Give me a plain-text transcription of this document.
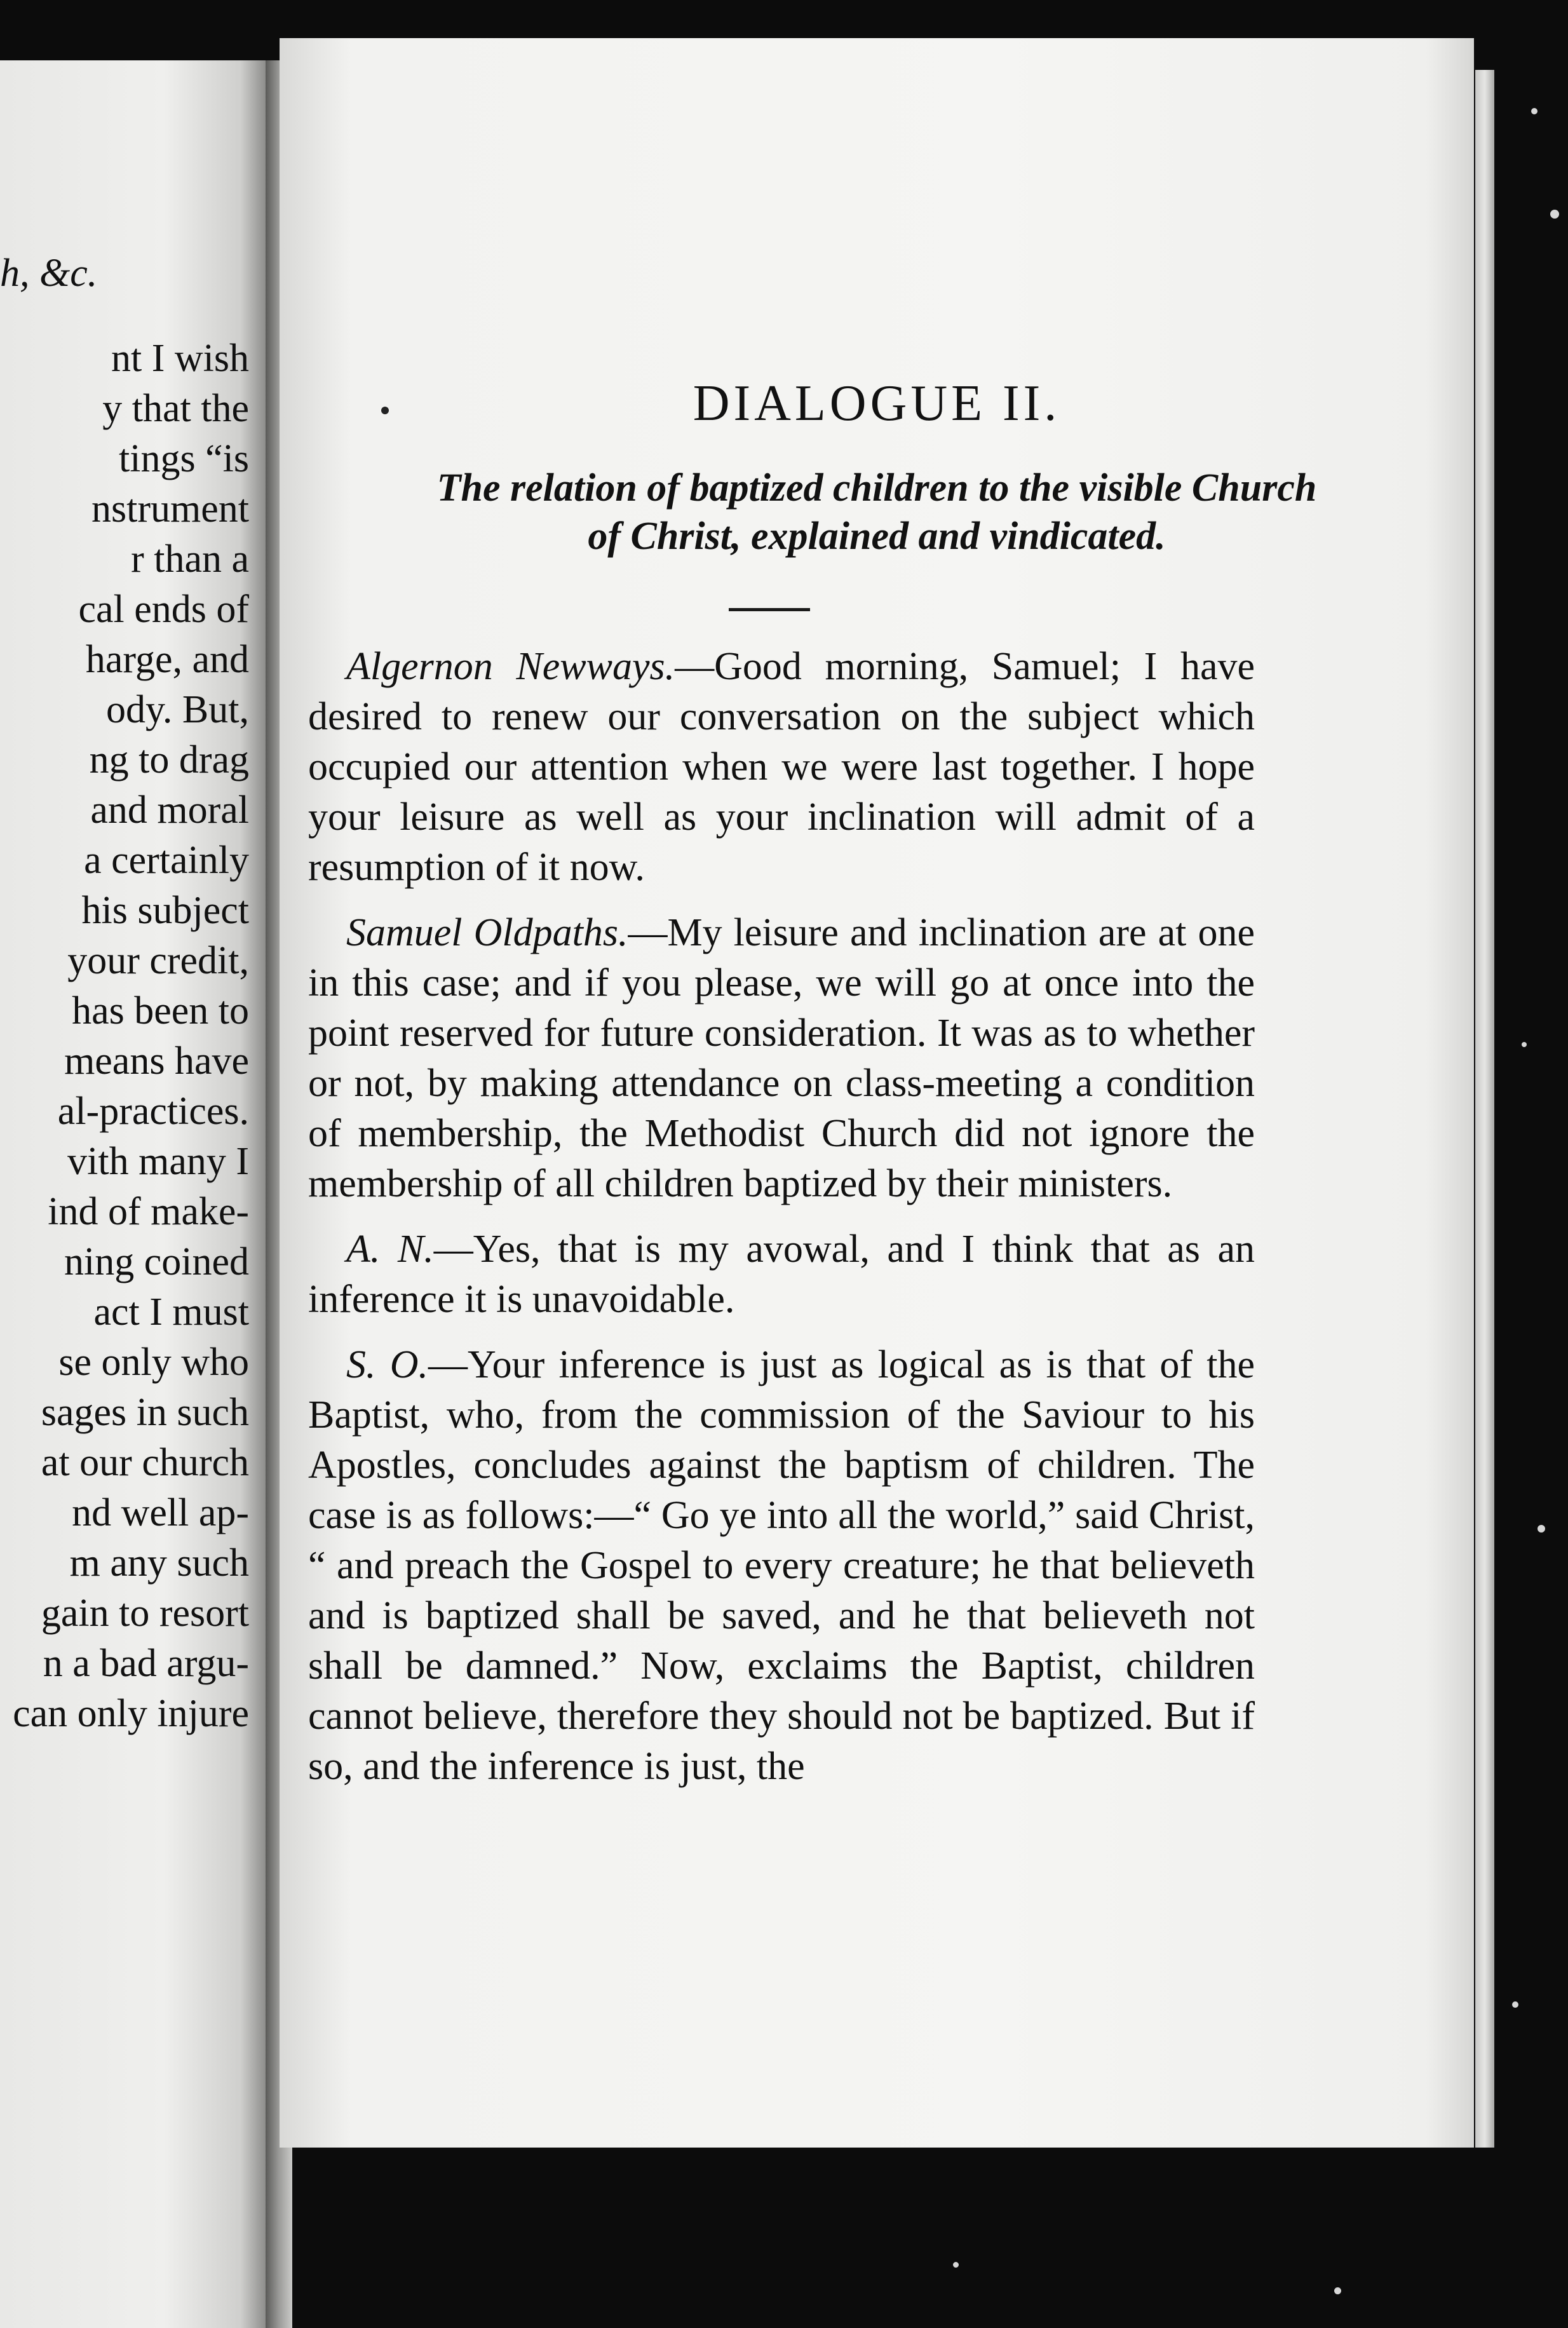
h, &c.
nt I wish
y that the
tings “is
nstrument
r than a
cal ends of
harge, and
ody. But,
ng to drag
and moral
a certainly
his subject
your credit,
has been to
means have
al-practices.
vith many I
ind of make-
ning coined
act I must
se only who
sages in such
at our church
nd well ap-
m any such
gain to resort
n a bad argu-
can only injure
DIALOGUE II.
The relation of baptized children to the visible Church
of Christ, explained and vindicated.

Algernon Newways.—Good morning, Samuel; I have desired to renew our conversation on the subject which occupied our attention when we were last together. I hope your leisure as well as your inclination will admit of a resumption of it now.

Samuel Oldpaths.—My leisure and inclination are at one in this case; and if you please, we will go at once into the point reserved for future consideration. It was as to whether or not, by making attendance on class-meeting a condition of membership, the Methodist Church did not ignore the membership of all children baptized by their ministers.

A. N.—Yes, that is my avowal, and I think that as an inference it is unavoidable.

S. O.—Your inference is just as logical as is that of the Baptist, who, from the commission of the Saviour to his Apostles, concludes against the baptism of children. The case is as follows:—“ Go ye into all the world,” said Christ, “ and preach the Gospel to every creature; he that believeth and is baptized shall be saved, and he that believeth not shall be damned.” Now, exclaims the Baptist, children cannot believe, therefore they should not be baptized. But if so, and the inference is just, the
